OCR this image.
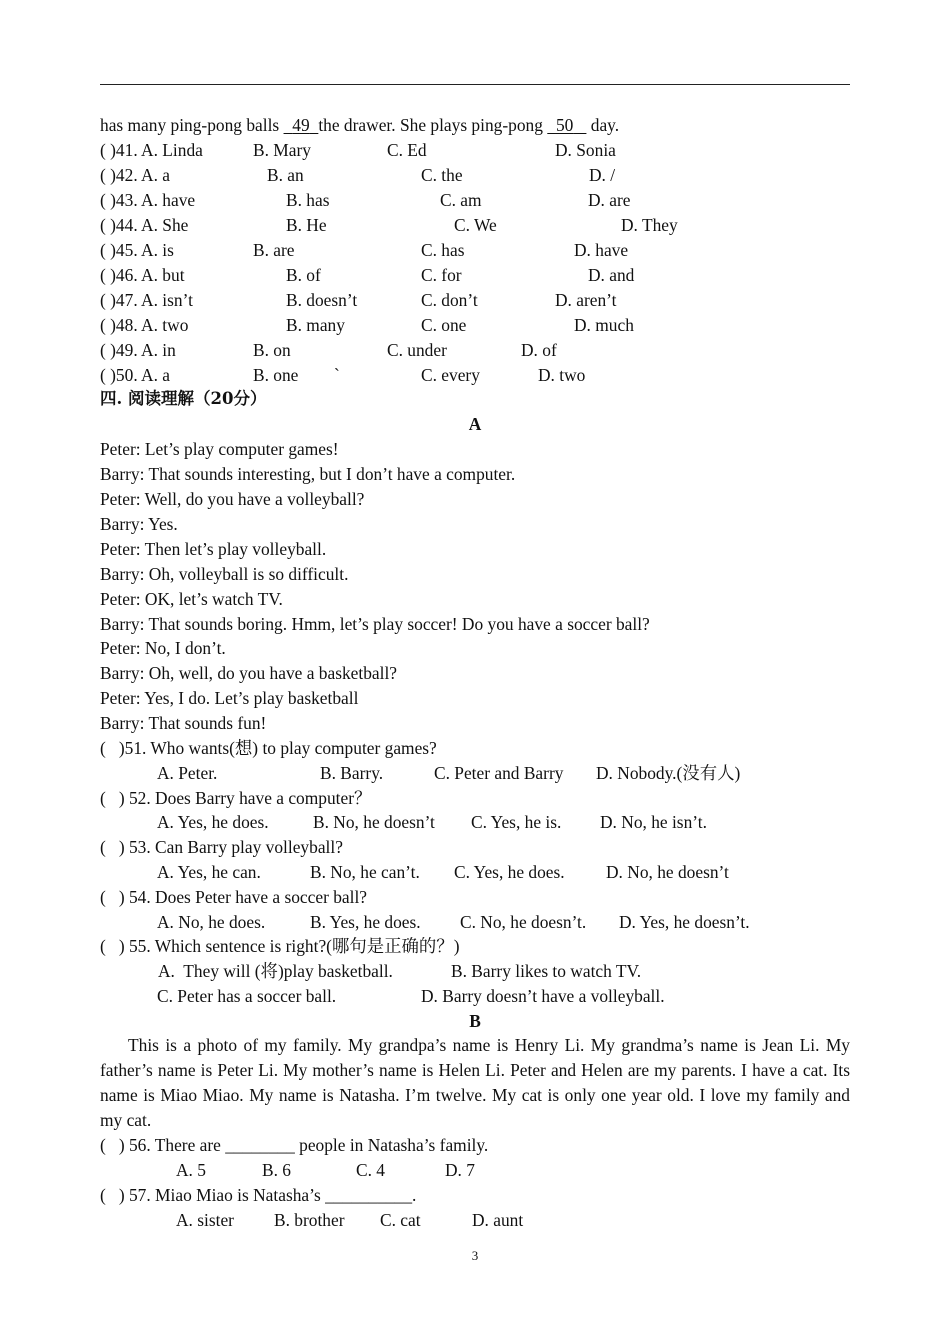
has many ping-pong balls   49 the drawer. She plays ping-pong   50    day.
( )41. A. Linda	B. Mary	C. Ed	D. Sonia
( )42. A. a	B. an	C. the	D. /
( )43. A. have	B. has	C. am	D. are
( )44. A. She	B. He	C. We	D. They
( )45. A. is	B. are	C. has	D. have
( )46. A. but	B. of	C. for	D. and
( )47. A. isn’t	B. doesn’t	C. don’t	D. aren’t
( )48. A. two	B. many	C. one	D. much
( )49. A. in	B. on	C. under	D. of
( )50. A. a	B. one `	C. every	D. two
四. 阅读理解（20分）
A
Peter: Let’s play computer games!
Barry: That sounds interesting, but I don’t have a computer.
Peter: Well, do you have a volleyball?
Barry: Yes.
Peter: Then let’s play volleyball.
Barry: Oh, volleyball is so difficult.
Peter: OK, let’s watch TV.
Barry: That sounds boring. Hmm, let’s play soccer! Do you have a soccer ball?
Peter: No, I don’t.
Barry: Oh, well, do you have a basketball?
Peter: Yes, I do. Let’s play basketball
Barry: That sounds fun!
(   )51. Who wants(想) to play computer games?
A. Peter.	B. Barry.	C. Peter and Barry D. Nobody.(没有人)
(   ) 52. Does Barry have a computer？
A. Yes, he does.	B. No, he doesn’t C. Yes, he is. D. No, he isn’t.
(   ) 53. Can Barry play volleyball?
A. Yes, he can.	B. No, he can’t. C. Yes, he does. D. No, he doesn’t
(   ) 54. Does Peter have a soccer ball?
A. No, he does.	B. Yes, he does. C. No, he doesn’t. D. Yes, he doesn’t.
(   ) 55. Which sentence is right?(哪句是正确的？)
A.  They will (将)play basketball.	B. Barry likes to watch TV.
C. Peter has a soccer ball.	D. Barry doesn’t have a volleyball.
B
This is a photo of my family. My grandpa’s name is Henry Li. My grandma’s name is Jean Li. My father’s name is Peter Li. My mother’s name is Helen Li. Peter and Helen are my parents. I have a cat. Its name is Miao Miao. My name is Natasha. I’m twelve. My cat is only one year old. I love my family and my cat.
(   ) 56. There are ________ people in Natasha’s family.
A. 5	B. 6	C. 4	D. 7
(   ) 57. Miao Miao is Natasha’s __________.
A. sister B. brother C. cat	D. aunt
3
